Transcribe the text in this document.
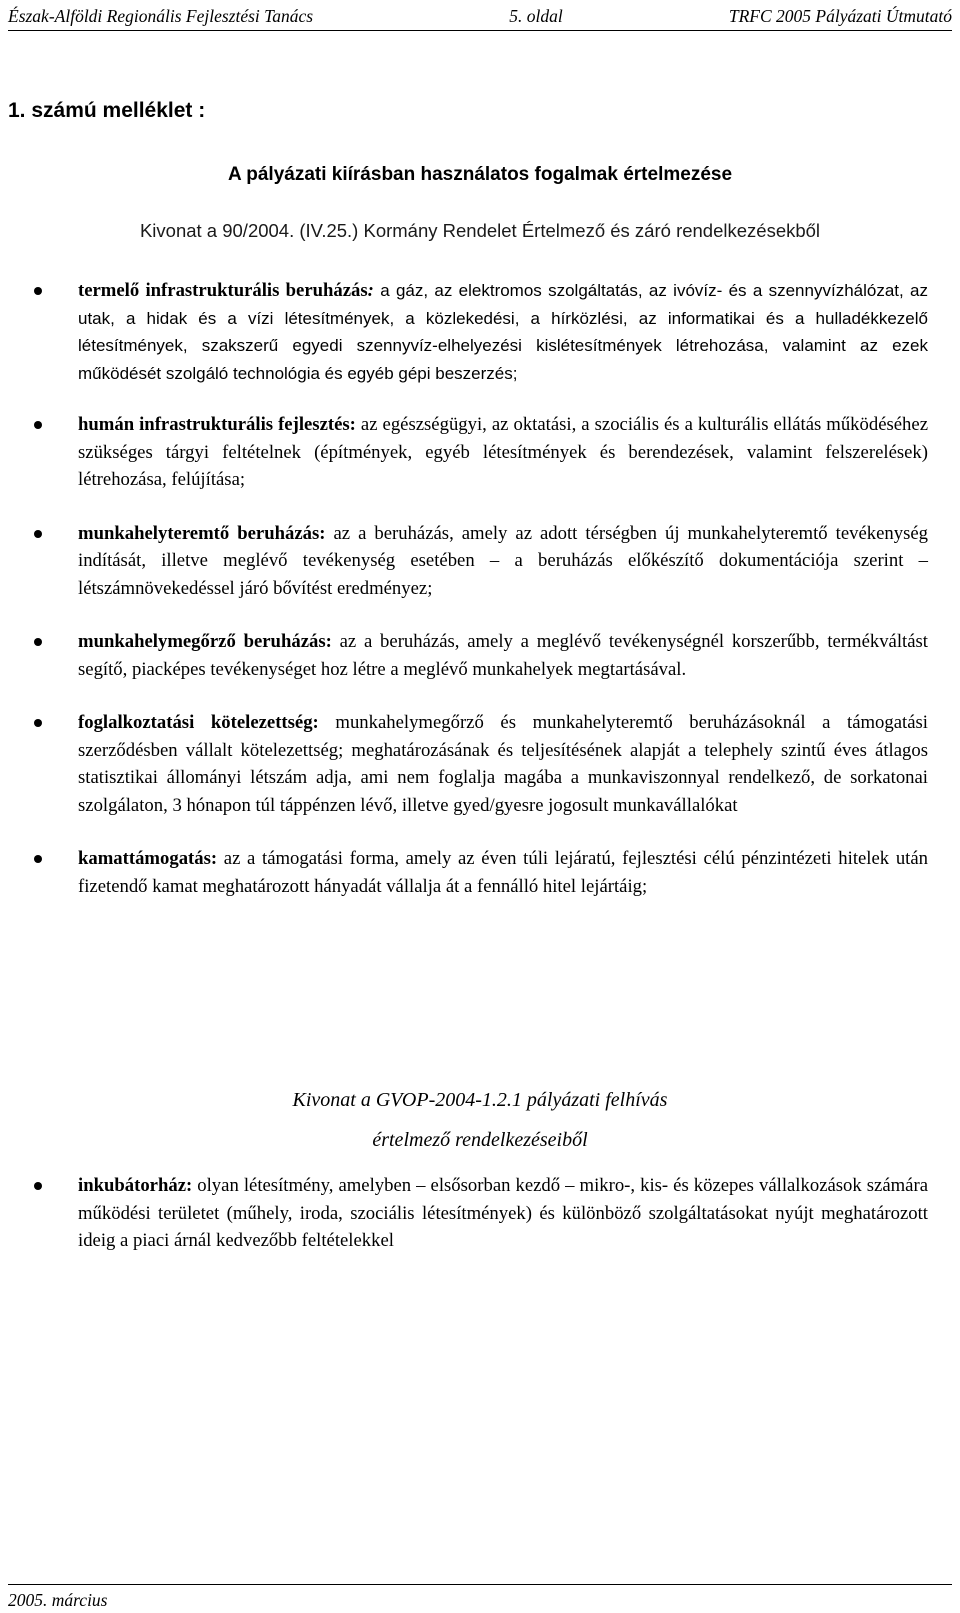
Észak-Alföldi Regionális Fejlesztési Tanács	5. oldal	TRFC 2005 Pályázati Útmutató
1. számú melléklet :
A pályázati kiírásban használatos fogalmak értelmezése
Kivonat a 90/2004. (IV.25.) Kormány Rendelet Értelmező és záró rendelkezésekből
termelő infrastrukturális beruházás: a gáz, az elektromos szolgáltatás, az ivóvíz- és a szennyvízhálózat, az utak, a hidak és a vízi létesítmények, a közlekedési, a hírközlési, az informatikai és a hulladékkezelő létesítmények, szakszerű egyedi szennyvíz-elhelyezési kislétesítmények létrehozása, valamint az ezek működését szolgáló technológia és egyéb gépi beszerzés;
humán infrastrukturális fejlesztés: az egészségügyi, az oktatási, a szociális és a kulturális ellátás működéséhez szükséges tárgyi feltételnek (építmények, egyéb létesítmények és berendezések, valamint felszerelések) létrehozása, felújítása;
munkahelyteremtő beruházás: az a beruházás, amely az adott térségben új munkahelyteremtő tevékenység indítását, illetve meglévő tevékenység esetében – a beruházás előkészítő dokumentációja szerint – létszámnövekedéssel járó bővítést eredményez;
munkahelymegőrző beruházás: az a beruházás, amely a meglévő tevékenységnél korszerűbb, termékváltást segítő, piacképes tevékenységet hoz létre a meglévő munkahelyek megtartásával.
foglalkoztatási kötelezettség: munkahelymegőrző és munkahelyteremtő beruházásoknál a támogatási szerződésben vállalt kötelezettség; meghatározásának és teljesítésének alapját a telephely szintű éves átlagos statisztikai állományi létszám adja, ami nem foglalja magába a munkaviszonnyal rendelkező, de sorkatonai szolgálaton, 3 hónapon túl táppénzen lévő, illetve gyed/gyesre jogosult munkavállalókat
kamattámogatás: az a támogatási forma, amely az éven túli lejáratú, fejlesztési célú pénzintézeti hitelek után fizetendő kamat meghatározott hányadát vállalja át a fennálló hitel lejártáig;
Kivonat a GVOP-2004-1.2.1 pályázati felhívás
értelmező rendelkezéseiből
inkubátorház: olyan létesítmény, amelyben – elsősorban kezdő – mikro-, kis- és közepes vállalkozások számára működési területet (műhely, iroda, szociális létesítmények) és különböző szolgáltatásokat nyújt meghatározott ideig a piaci árnál kedvezőbb feltételekkel
2005. március
